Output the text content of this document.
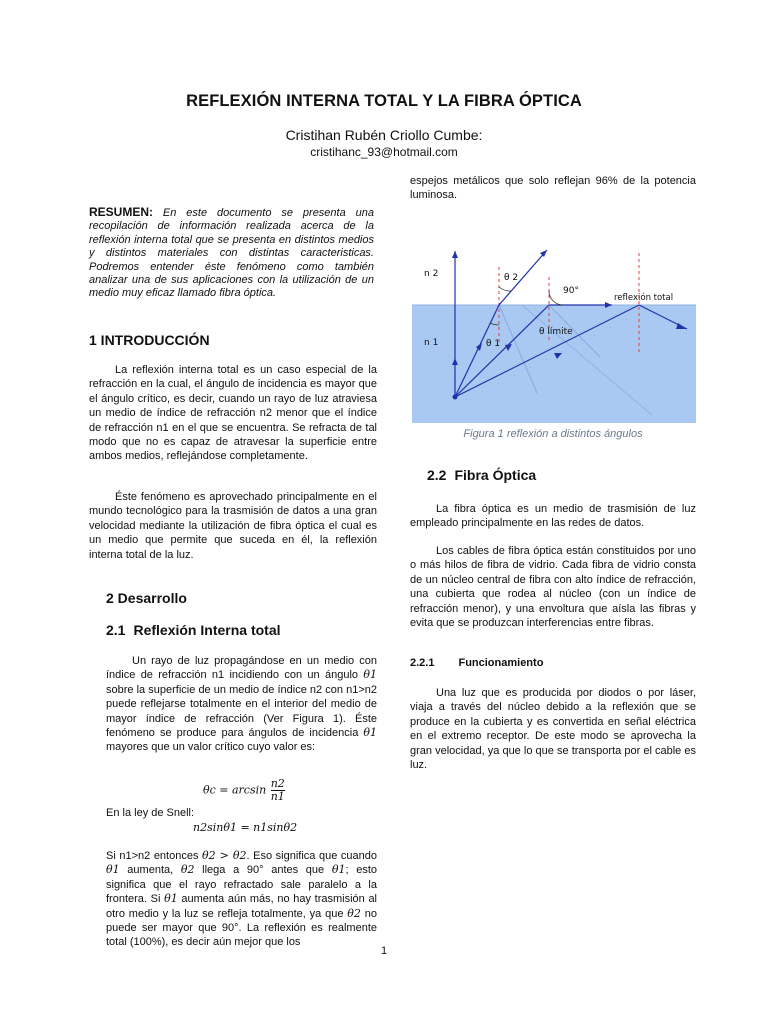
REFLEXIÓN INTERNA TOTAL Y LA FIBRA ÓPTICA
Cristihan Rubén Criollo Cumbe:
cristihanc_93@hotmail.com
RESUMEN: En este documento se presenta una recopilación de información realizada acerca de la reflexión interna total que se presenta en distintos medios y distintos materiales con distintas caracteristicas. Podremos entender éste fenómeno como también analizar una de sus aplicaciones con la utilización de un medio muy eficaz llamado fibra óptica.
1 INTRODUCCIÓN
La reflexión interna total es un caso especial de la refracción en la cual, el ángulo de incidencia es mayor que el ángulo crítico, es decir, cuando un rayo de luz atraviesa un medio de índice de refracción n2 menor que el índice de refracción n1 en el que se encuentra. Se refracta de tal modo que no es capaz de atravesar la superficie entre ambos medios, reflejándose completamente.
Éste fenómeno es aprovechado principalmente en el mundo tecnológico para la trasmisión de datos a una gran velocidad mediante la utilización de fibra óptica el cual es un medio que permite que suceda en él, la reflexión interna total de la luz.
2 Desarrollo
2.1 Reflexión Interna total
Un rayo de luz propagándose en un medio con índice de refracción n1 incidiendo con un ángulo θ1 sobre la superficie de un medio de índice n2 con n1>n2 puede reflejarse totalmente en el interior del medio de mayor índice de refracción (Ver Figura 1). Éste fenómeno se produce para ángulos de incidencia θ1 mayores que un valor crítico cuyo valor es:
$\theta c = \arcsin \frac{n2}{n1}$
En la ley de Snell:
n2sinθ1 = n1sinθ2
Si n1>n2 entonces θ2 > θ2. Eso significa que cuando θ1 aumenta, θ2 llega a 90° antes que θ1; esto significa que el rayo refractado sale paralelo a la frontera. Si θ1 aumenta aún más, no hay trasmisión al otro medio y la luz se refleja totalmente, ya que θ2 no puede ser mayor que 90°. La reflexión es realmente total (100%), es decir aún mejor que los
espejos metálicos que solo reflejan 96% de la potencia luminosa.
n 2
n 1
θ 2
θ 1
90°
θ límite
reflexión total
Figura 1 reflexión a distintos ángulos
2.2 Fibra Óptica
La fibra óptica es un medio de trasmisión de luz empleado principalmente en las redes de datos.
Los cables de fibra óptica están constituidos por uno o más hilos de fibra de vidrio. Cada fibra de vidrio consta de un núcleo central de fibra con alto índice de refracción, una cubierta que rodea al núcleo (con un índice de refracción menor), y una envoltura que aísla las fibras y evita que se produzcan interferencias entre fibras.
2.2.1 Funcionamiento
Una luz que es producida por diodos o por láser, viaja a través del núcleo debido a la reflexión que se produce en la cubierta y es convertida en señal eléctrica en el extremo receptor. De este modo se aprovecha la gran velocidad, ya que lo que se transporta por el cable es luz.
1
